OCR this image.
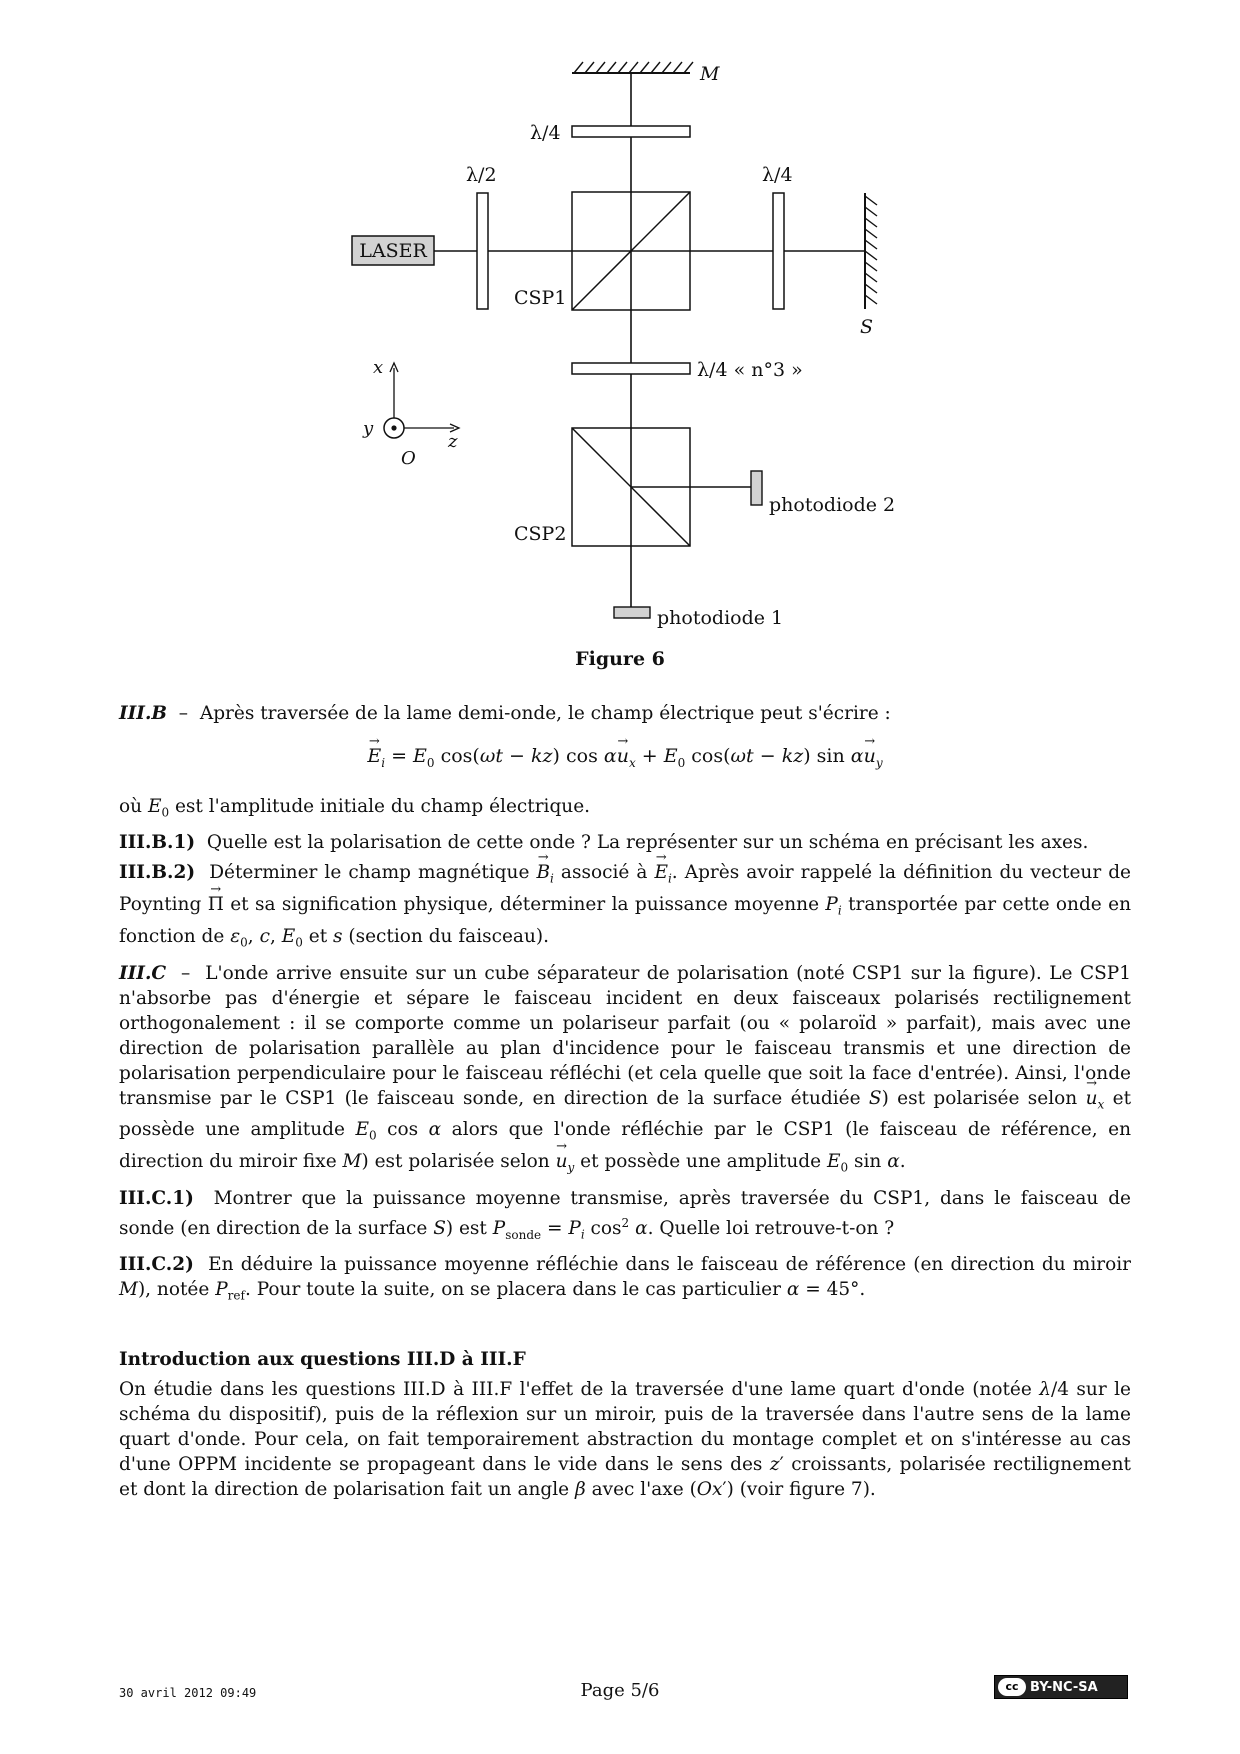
M
λ/4
λ/2	λ/4
LASER
CSP1
S
λ/4 « n°3 »
x
y
z
O
CSP2
photodiode 2
photodiode 1
Figure 6

III.B  –  Après traversée de la lame demi-onde, le champ électrique peut s'écrire :

→ $E_i = E_0$ cos(ωt − kz) $\cos \alpha\to u_x + E_0$ cos(ωt − kz) $\sin \alpha\to u_y$

où $E_0$ est l'amplitude initiale du champ électrique.

III.B.1) Quelle est la polarisation de cette onde ? La représenter sur un schéma en précisant les axes.

III.B.2) Déterminer le champ magnétique → $B_i$ associé à → $E_i$. Après avoir rappelé la définition du vecteur de Poynting → Π et sa signification physique, déterminer la puissance moyenne $P_i$ transportée par cette onde en fonction de $\varepsilon_0$, c, $E_0$ et s (section du faisceau).

III.C  –  L'onde arrive ensuite sur un cube séparateur de polarisation (noté CSP1 sur la figure). Le CSP1 n'absorbe pas d'énergie et sépare le faisceau incident en deux faisceaux polarisés rectilignement orthogonalement : il se comporte comme un polariseur parfait (ou « polaroïd » parfait), mais avec une direction de polarisation parallèle au plan d'incidence pour le faisceau transmis et une direction de polarisation perpendiculaire pour le faisceau réfléchi (et cela quelle que soit la face d'entrée). Ainsi, l'onde transmise par le CSP1 (le faisceau sonde, en direction de la surface étudiée S) est polarisée selon → $u_x$ et possède une amplitude $E_0$ cos α alors que l'onde réfléchie par le CSP1 (le faisceau de référence, en direction du miroir fixe M) est polarisée selon → $u_y$ et possède une amplitude $E_0$ sin α.

III.C.1) Montrer que la puissance moyenne transmise, après traversée du CSP1, dans le faisceau de sonde (en direction de la surface S) est $P_{sonde} = P_i$ $\cos^2 \alpha$. Quelle loi retrouve-t-on ?

III.C.2) En déduire la puissance moyenne réfléchie dans le faisceau de référence (en direction du miroir M), notée $P_{ref}$. Pour toute la suite, on se placera dans le cas particulier α = 45°.

Introduction aux questions III.D à III.F

On étudie dans les questions III.D à III.F l'effet de la traversée d'une lame quart d'onde (notée λ/4 sur le schéma du dispositif), puis de la réflexion sur un miroir, puis de la traversée dans l'autre sens de la lame quart d'onde. Pour cela, on fait temporairement abstraction du montage complet et on s'intéresse au cas d'une OPPM incidente se propageant dans le vide dans le sens des z′ croissants, polarisée rectilignement et dont la direction de polarisation fait un angle β avec l'axe (Ox′) (voir figure 7).

30 avril 2012 09:49	Page 5/6	cc BY-NC-SA
